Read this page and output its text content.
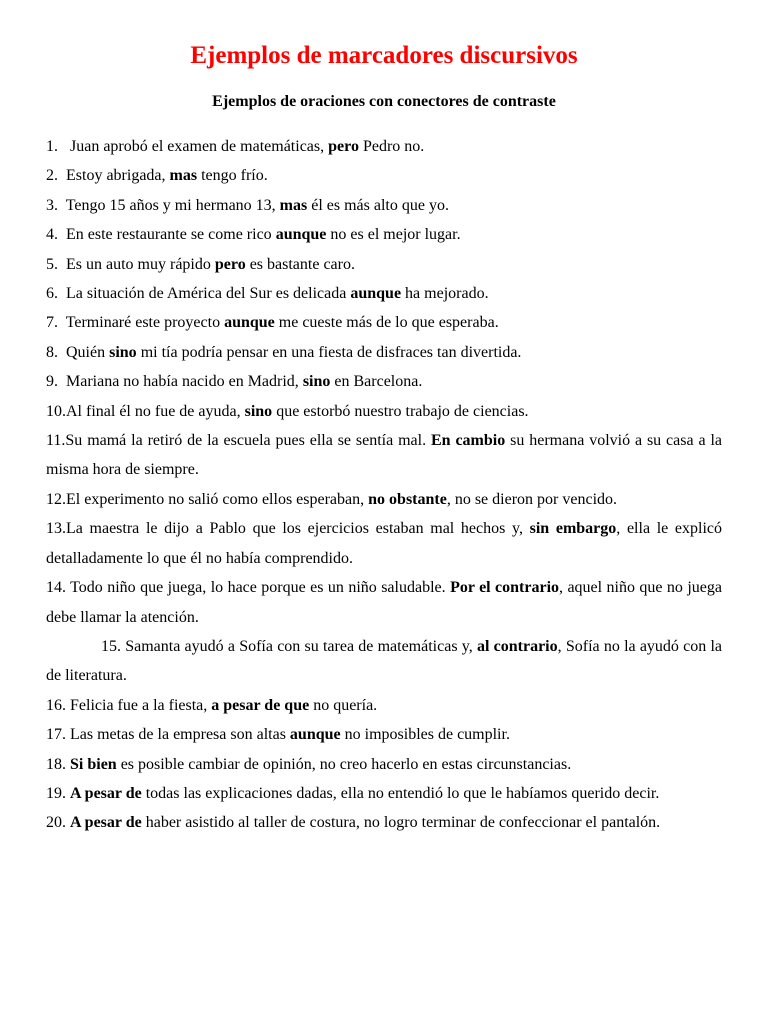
Ejemplos de marcadores discursivos
Ejemplos de oraciones con conectores de contraste

1. Juan aprobó el examen de matemáticas, pero Pedro no.

2. Estoy abrigada, mas tengo frío.

3. Tengo 15 años y mi hermano 13, mas él es más alto que yo.

4. En este restaurante se come rico aunque no es el mejor lugar.

5. Es un auto muy rápido pero es bastante caro.

6. La situación de América del Sur es delicada aunque ha mejorado.

7. Terminaré este proyecto aunque me cueste más de lo que esperaba.

8. Quién sino mi tía podría pensar en una fiesta de disfraces tan divertida.

9. Mariana no había nacido en Madrid, sino en Barcelona.

10.Al final él no fue de ayuda, sino que estorbó nuestro trabajo de ciencias.

11.Su mamá la retiró de la escuela pues ella se sentía mal. En cambio su hermana volvió a su casa a la misma hora de siempre.

12.El experimento no salió como ellos esperaban, no obstante, no se dieron por vencido.

13.La maestra le dijo a Pablo que los ejercicios estaban mal hechos y, sin embargo, ella le explicó detalladamente lo que él no había comprendido.

14. Todo niño que juega, lo hace porque es un niño saludable. Por el contrario, aquel niño que no juega debe llamar la atención.

15. Samanta ayudó a Sofía con su tarea de matemáticas y, al contrario, Sofía no la ayudó con la de literatura.

16. Felicia fue a la fiesta, a pesar de que no quería.

17. Las metas de la empresa son altas aunque no imposibles de cumplir.

18. Si bien es posible cambiar de opinión, no creo hacerlo en estas circunstancias.

19. A pesar de todas las explicaciones dadas, ella no entendió lo que le habíamos querido decir.

20. A pesar de haber asistido al taller de costura, no logro terminar de confeccionar el pantalón.
